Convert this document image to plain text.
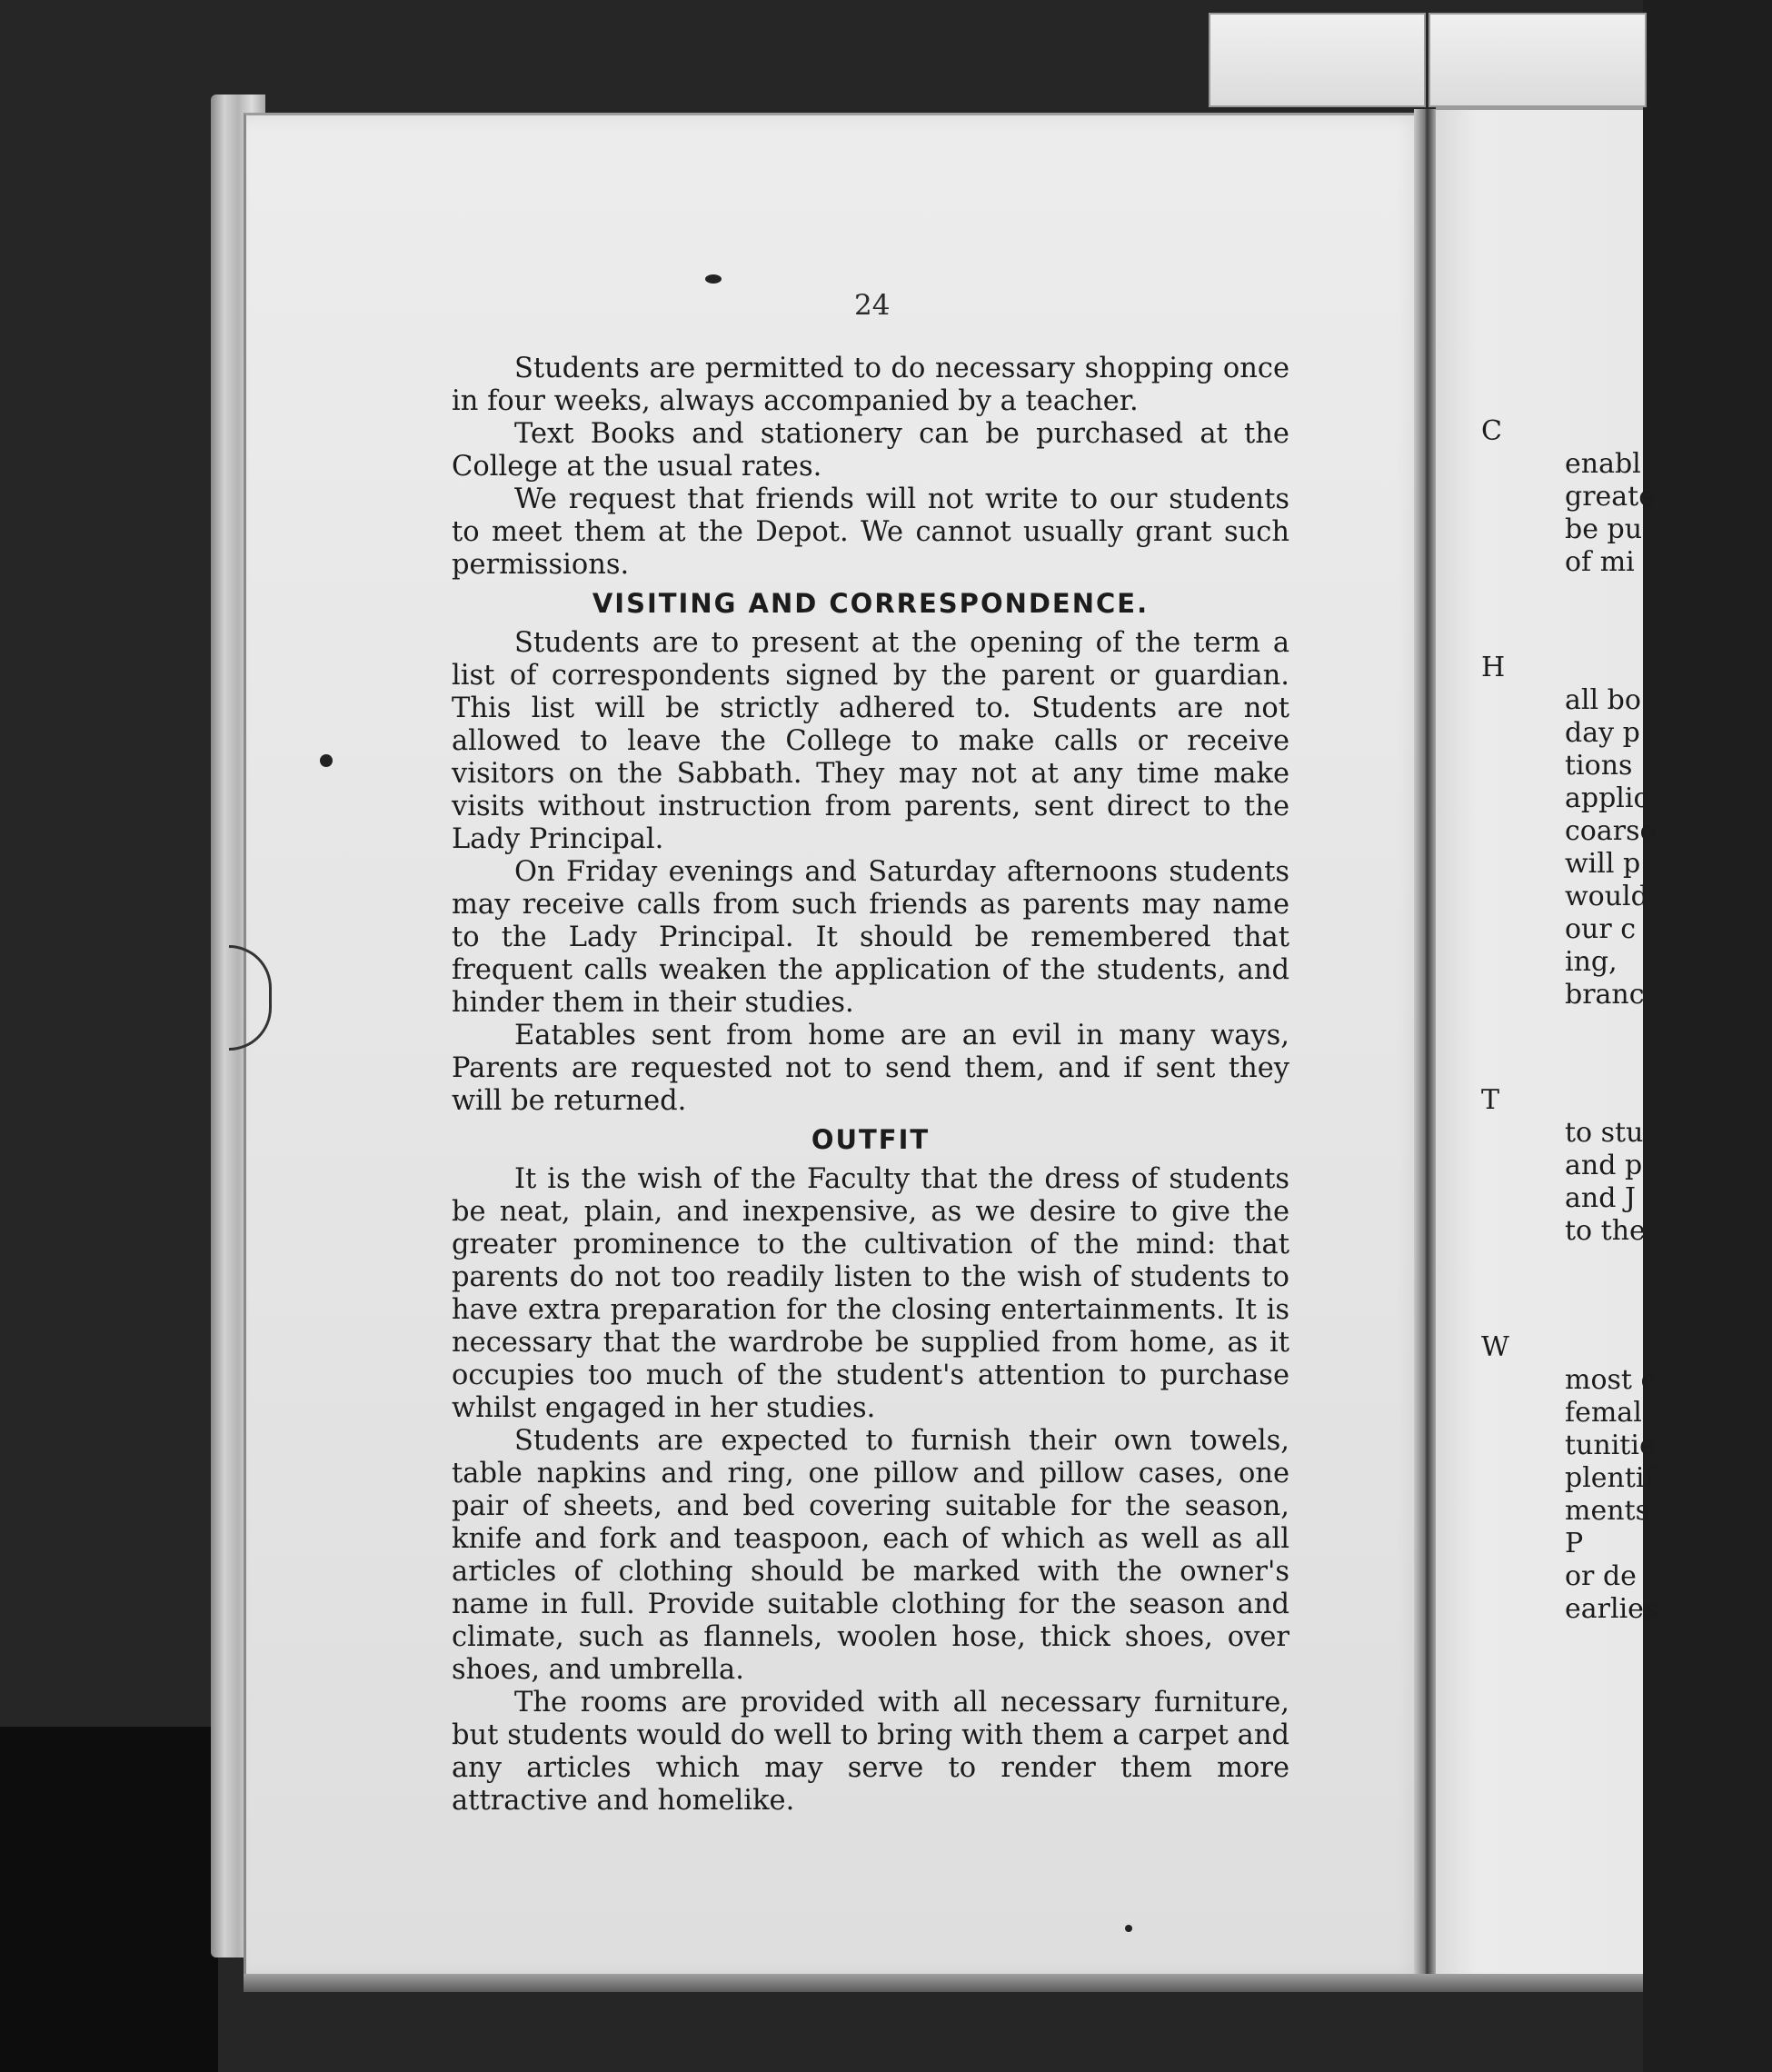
C
enabl
greate
be pu
of mi
H
all bo
day p
tions
applic
coarse
will p
would
our c
ing,
branc
T
to stu
and p
and J
to the
W
most c
femal
tunitie
plentif
ments
P
or de
earlies
24

Students are permitted to do necessary shopping once in four weeks, always accompanied by a teacher.

Text Books and stationery can be purchased at the College at the usual rates.

We request that friends will not write to our students to meet them at the Depot. We cannot usually grant such permissions.

VISITING AND CORRESPONDENCE.

Students are to present at the opening of the term a list of correspondents signed by the parent or guardian. This list will be strictly adhered to. Students are not allowed to leave the College to make calls or receive visitors on the Sabbath. They may not at any time make visits without instruction from parents, sent direct to the Lady Principal.

On Friday evenings and Saturday afternoons students may receive calls from such friends as parents may name to the Lady Principal. It should be remembered that frequent calls weaken the application of the students, and hinder them in their studies.

Eatables sent from home are an evil in many ways, Parents are requested not to send them, and if sent they will be returned.

OUTFIT

It is the wish of the Faculty that the dress of students be neat, plain, and inexpensive, as we desire to give the greater prominence to the cultivation of the mind: that parents do not too readily listen to the wish of students to have extra preparation for the closing entertainments. It is necessary that the wardrobe be supplied from home, as it occupies too much of the student's attention to purchase whilst engaged in her studies.

Students are expected to furnish their own towels, table napkins and ring, one pillow and pillow cases, one pair of sheets, and bed covering suitable for the season, knife and fork and teaspoon, each of which as well as all articles of clothing should be marked with the owner's name in full. Provide suitable clothing for the season and climate, such as flannels, woolen hose, thick shoes, over shoes, and umbrella.

The rooms are provided with all necessary furniture, but students would do well to bring with them a carpet and any articles which may serve to render them more attractive and homelike.
